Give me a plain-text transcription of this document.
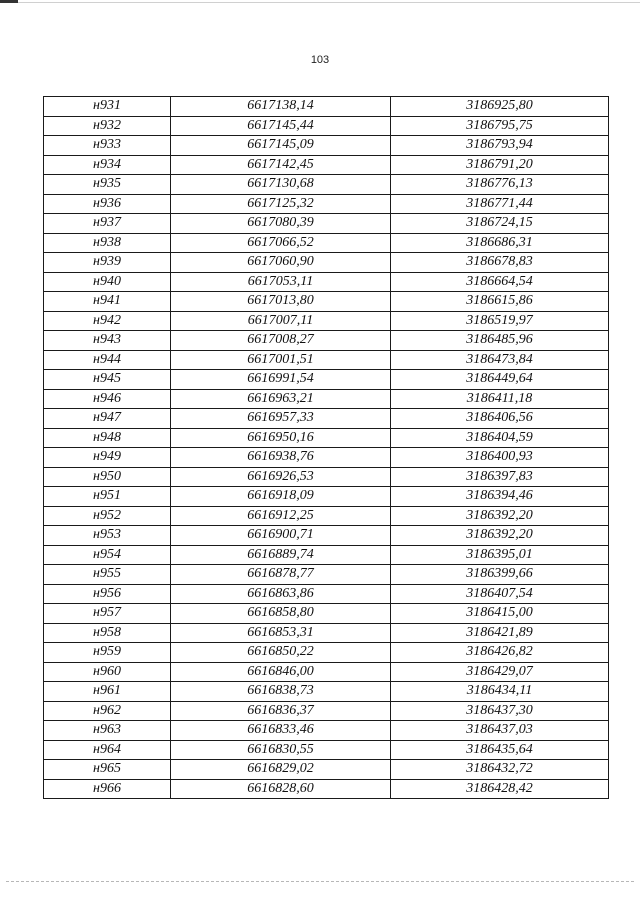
103
н931	6617138,14	3186925,80
н932	6617145,44	3186795,75
н933	6617145,09	3186793,94
н934	6617142,45	3186791,20
н935	6617130,68	3186776,13
н936	6617125,32	3186771,44
н937	6617080,39	3186724,15
н938	6617066,52	3186686,31
н939	6617060,90	3186678,83
н940	6617053,11	3186664,54
н941	6617013,80	3186615,86
н942	6617007,11	3186519,97
н943	6617008,27	3186485,96
н944	6617001,51	3186473,84
н945	6616991,54	3186449,64
н946	6616963,21	3186411,18
н947	6616957,33	3186406,56
н948	6616950,16	3186404,59
н949	6616938,76	3186400,93
н950	6616926,53	3186397,83
н951	6616918,09	3186394,46
н952	6616912,25	3186392,20
н953	6616900,71	3186392,20
н954	6616889,74	3186395,01
н955	6616878,77	3186399,66
н956	6616863,86	3186407,54
н957	6616858,80	3186415,00
н958	6616853,31	3186421,89
н959	6616850,22	3186426,82
н960	6616846,00	3186429,07
н961	6616838,73	3186434,11
н962	6616836,37	3186437,30
н963	6616833,46	3186437,03
н964	6616830,55	3186435,64
н965	6616829,02	3186432,72
н966	6616828,60	3186428,42
